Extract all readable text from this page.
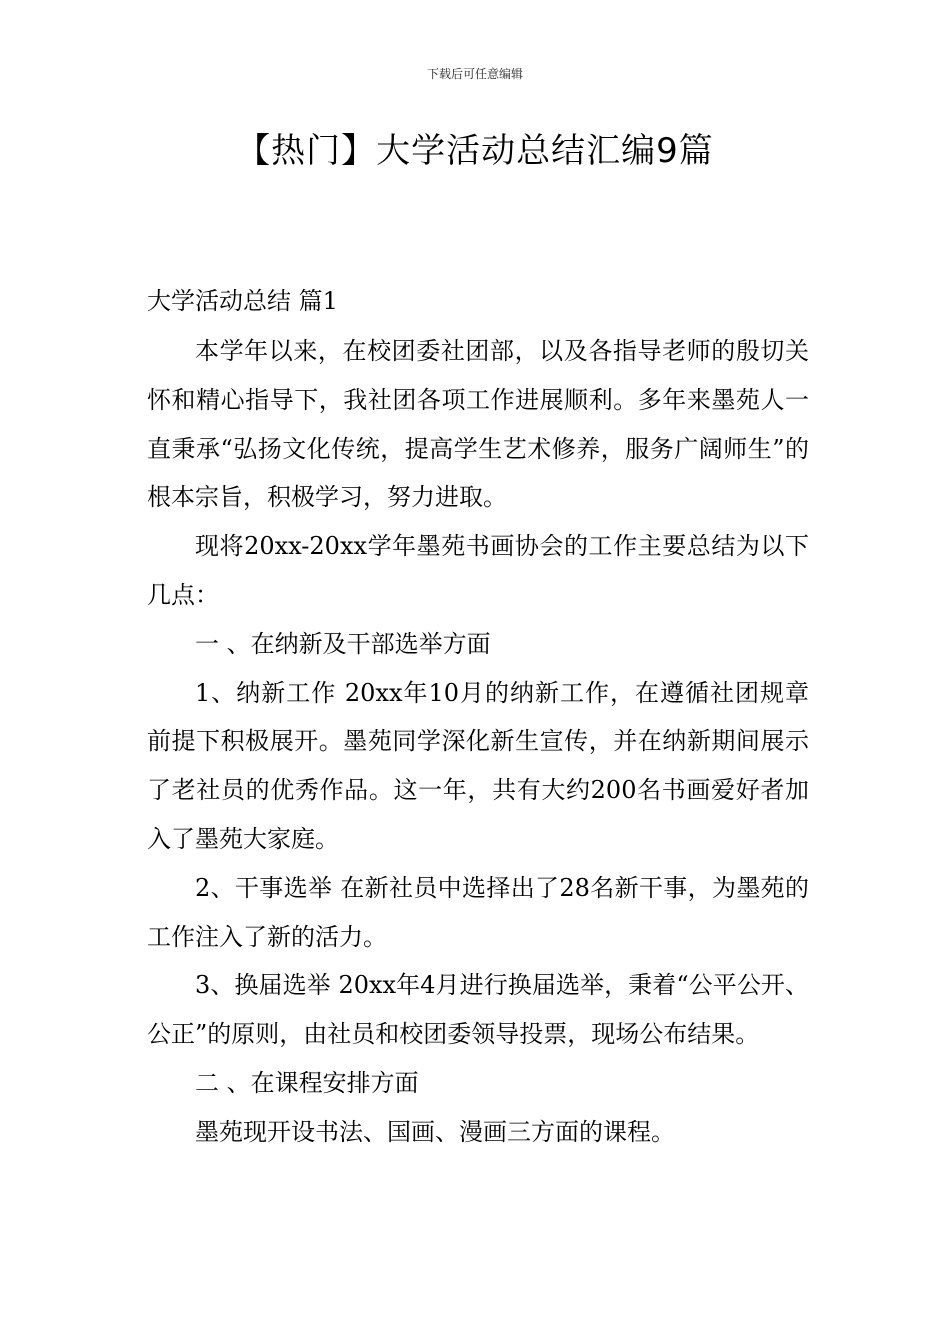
下载后可任意编辑
【热门】大学活动总结汇编9篇
大学活动总结 篇1

本学年以来，在校团委社团部，以及各指导老师的殷切关怀和精心指导下，我社团各项工作进展顺利。多年来墨苑人一直秉承“弘扬文化传统，提高学生艺术修养，服务广阔师生”的根本宗旨，积极学习，努力进取。

现将20xx-20xx学年墨苑书画协会的工作主要总结为以下几点：

一 、在纳新及干部选举方面

1、纳新工作 20xx年10月的纳新工作，在遵循社团规章前提下积极展开。墨苑同学深化新生宣传，并在纳新期间展示了老社员的优秀作品。这一年，共有大约200名书画爱好者加入了墨苑大家庭。

2、干事选举 在新社员中选择出了28名新干事，为墨苑的工作注入了新的活力。

3、换届选举 20xx年4月进行换届选举，秉着“公平公开、公正”的原则，由社员和校团委领导投票，现场公布结果。

二 、在课程安排方面

墨苑现开设书法、国画、漫画三方面的课程。
